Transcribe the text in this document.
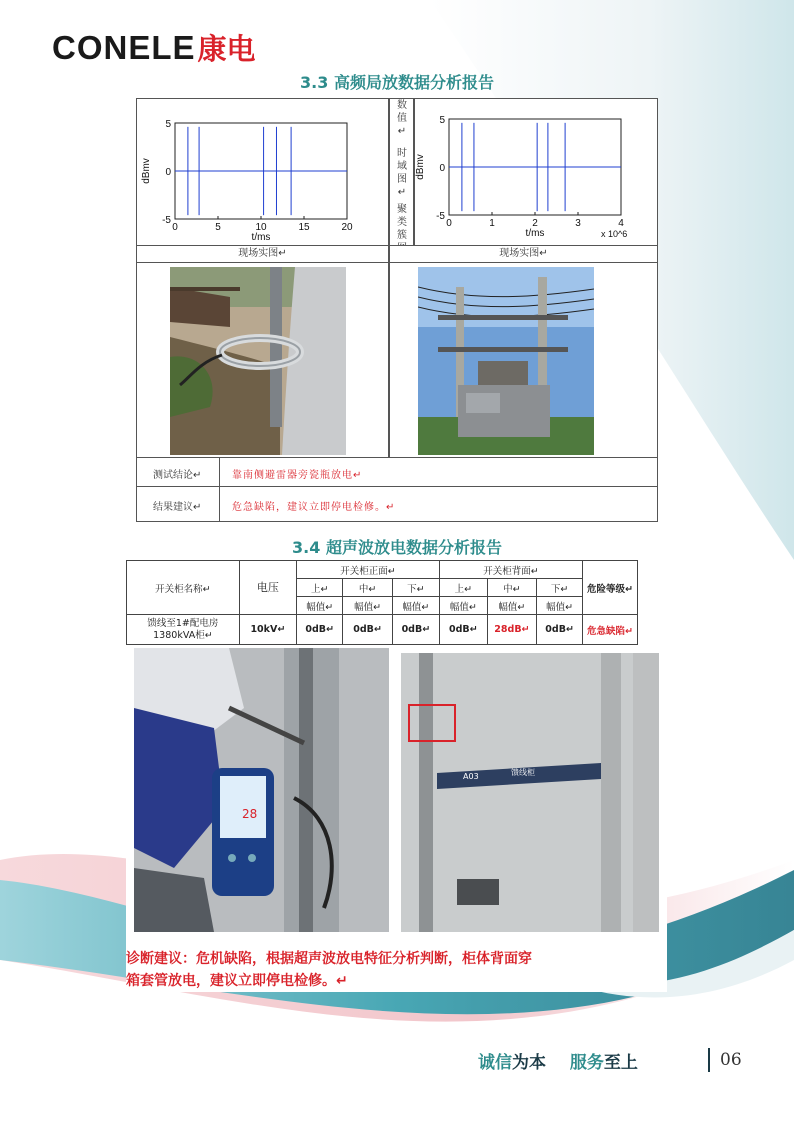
CONELE康电
3.3 高频局放数据分析报告
0	5	10	15	20
5
0
-5
t/ms
dBmv
数值↵
时域图↵
聚类簇
0	1	2	3	4
5
0
-5
t/ms
dBmv
x 10^6
现场实图↵	现场实图↵
测试结论↵	靠南侧避雷器旁瓷瓶放电↵
结果建议↵	危急缺陷，建议立即停电检修。↵
3.4 超声波放电数据分析报告
开关柜名称↵	电压	开关柜正面↵			开关柜背面↵			危险等级↵
		上↵	中↵	下↵	上↵	中↵	下↵	
		幅值↵	幅值↵	幅值↵	幅值↵	幅值↵	幅值↵	

馈线至1#配电房
1380kVA柜↵	10kV↵	0dB↵	0dB↵	0dB↵	0dB↵	28dB↵	0dB↵	危急缺陷↵
28
A03	馈线柜
诊断建议：危机缺陷，根据超声波放电特征分析判断，柜体背面穿
箱套管放电，建议立即停电检修。↵
诚信为本 服务至上	06
